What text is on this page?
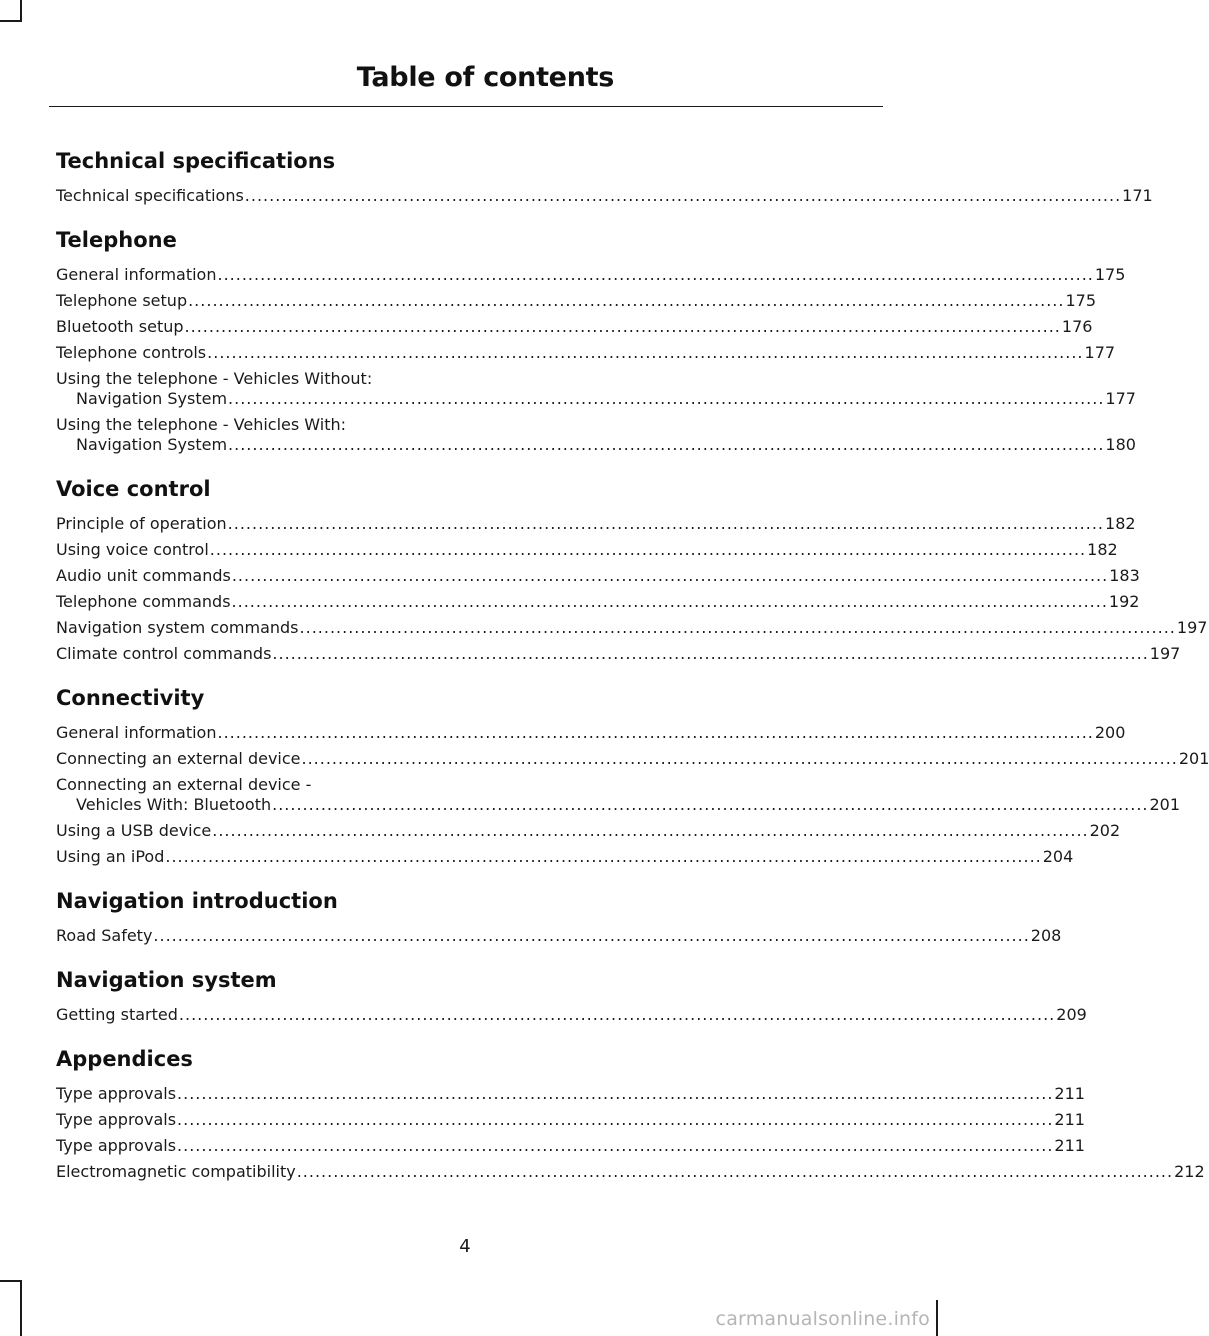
Table of contents
Technical specifications
Technical specifications .....	171
Telephone
General information .....	175
Telephone setup .....	175
Bluetooth setup .....	176
Telephone controls .....	177
Using the telephone - Vehicles Without:
Navigation System .....	177
Using the telephone - Vehicles With:
Navigation System .....	180
Voice control
Principle of operation .....	182
Using voice control .....	182
Audio unit commands .....	183
Telephone commands .....	192
Navigation system commands .....	197
Climate control commands .....	197
Connectivity
General information .....	200
Connecting an external device .....	201
Connecting an external device -
Vehicles With: Bluetooth .....	201
Using a USB device .....	202
Using an iPod .....	204
Navigation introduction
Road Safety .....	208
Navigation system
Getting started .....	209
Appendices
Type approvals .....	211
Type approvals .....	211
Type approvals .....	211
Electromagnetic compatibility .....	212
4
carmanualsonline.info
